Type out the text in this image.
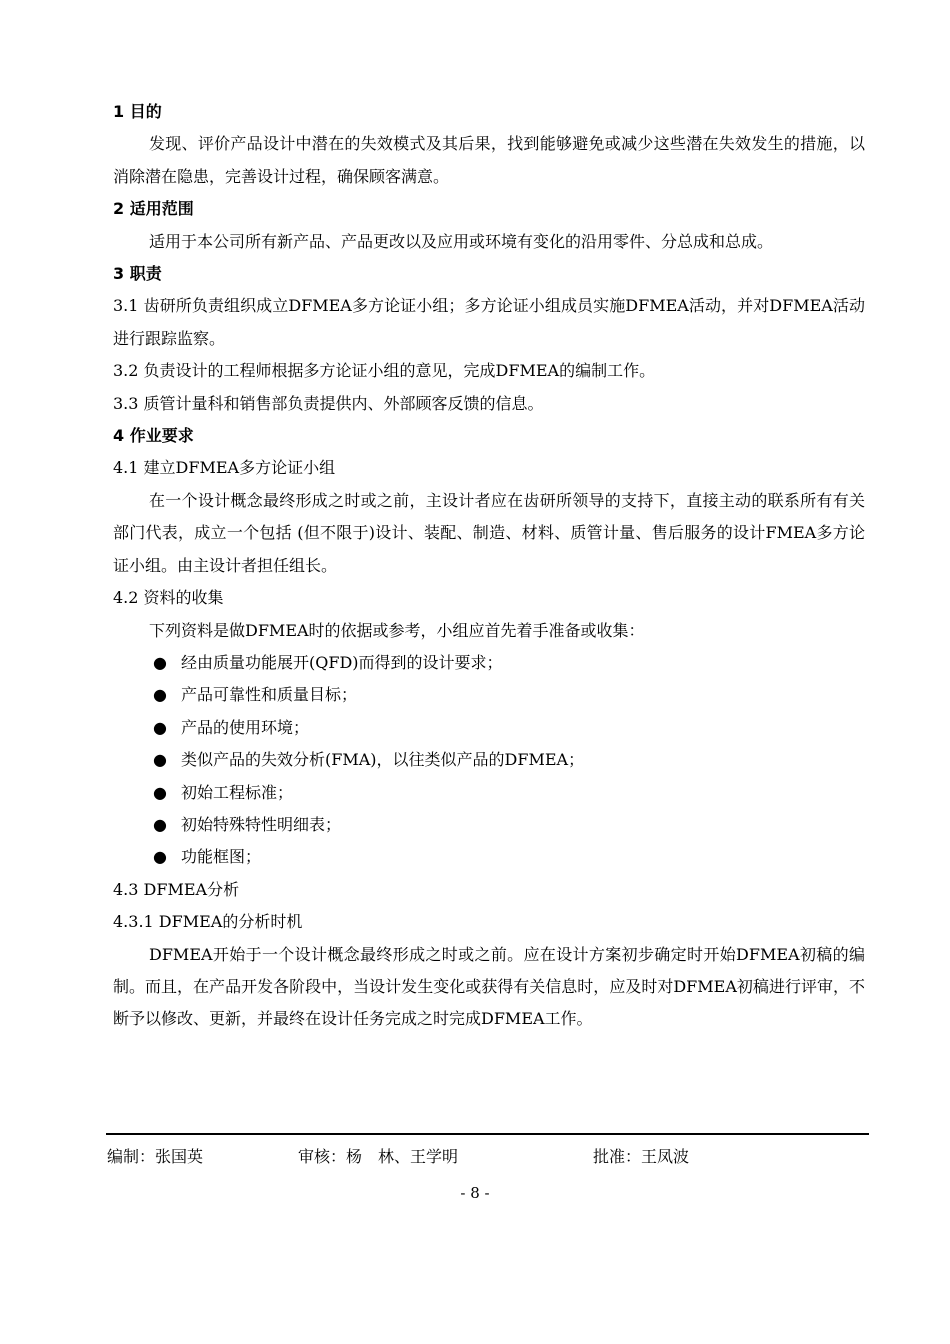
1 目的

发现、评价产品设计中潜在的失效模式及其后果，找到能够避免或减少这些潜在失效发生的措施，以消除潜在隐患，完善设计过程，确保顾客满意。

2 适用范围

适用于本公司所有新产品、产品更改以及应用或环境有变化的沿用零件、分总成和总成。

3 职责

3.1 齿研所负责组织成立DFMEA多方论证小组；多方论证小组成员实施DFMEA活动，并对DFMEA活动进行跟踪监察。

3.2 负责设计的工程师根据多方论证小组的意见，完成DFMEA的编制工作。

3.3 质管计量科和销售部负责提供内、外部顾客反馈的信息。

4 作业要求

4.1 建立DFMEA多方论证小组

在一个设计概念最终形成之时或之前，主设计者应在齿研所领导的支持下，直接主动的联系所有有关部门代表，成立一个包括 (但不限于)设计、装配、制造、材料、质管计量、售后服务的设计FMEA多方论证小组。由主设计者担任组长。

4.2 资料的收集

下列资料是做DFMEA时的依据或参考，小组应首先着手准备或收集：

● 经由质量功能展开(QFD)而得到的设计要求；

● 产品可靠性和质量目标；

● 产品的使用环境；

● 类似产品的失效分析(FMA)，以往类似产品的DFMEA；

● 初始工程标准；

● 初始特殊特性明细表；

● 功能框图；

4.3 DFMEA分析

4.3.1 DFMEA的分析时机

DFMEA开始于一个设计概念最终形成之时或之前。应在设计方案初步确定时开始DFMEA初稿的编制。而且，在产品开发各阶段中，当设计发生变化或获得有关信息时，应及时对DFMEA初稿进行评审，不断予以修改、更新，并最终在设计任务完成之时完成DFMEA工作。

编制：张国英	审核：杨　林、王学明	批准：王凤波
- 8 -
